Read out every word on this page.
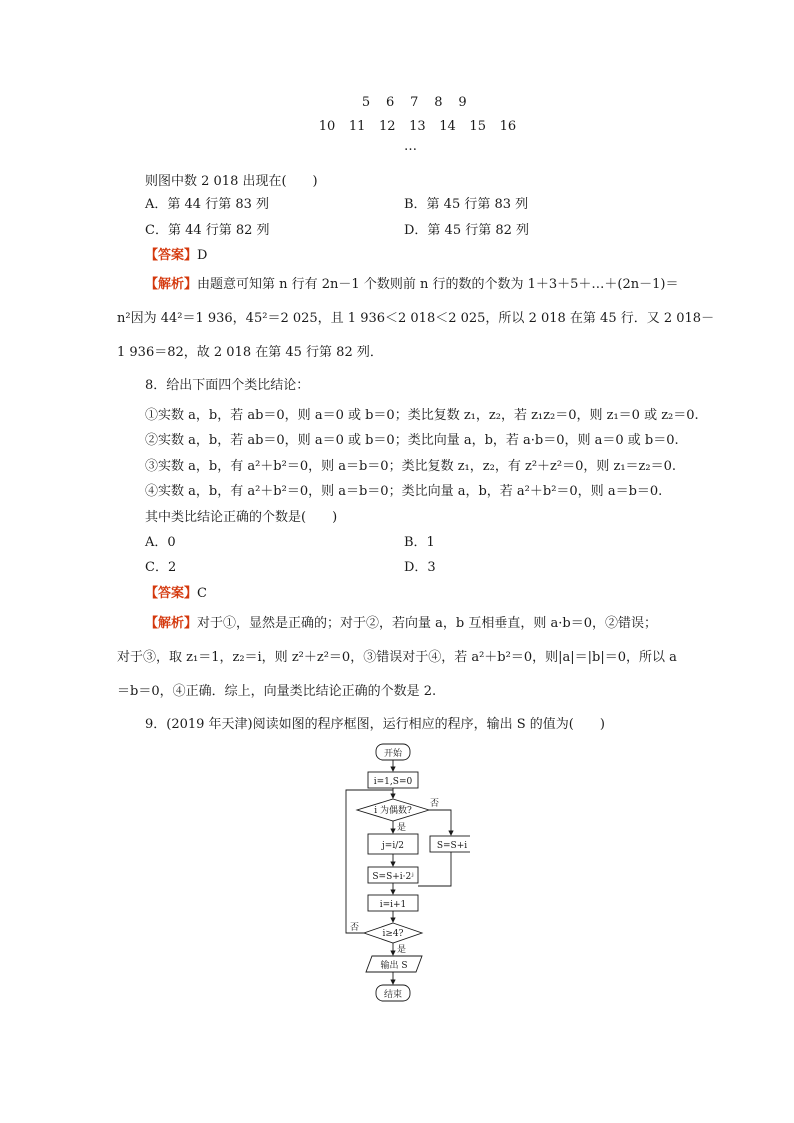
5 6 7 8 9
10 11 12 13 14 15 16
…
则图中数 2 018 出现在(　　)
A．第 44 行第 83 列	B．第 45 行第 83 列
C．第 44 行第 82 列	D．第 45 行第 82 列
【答案】D
【解析】由题意可知第 n 行有 2n－1 个数则前 n 行的数的个数为 1＋3＋5＋…＋(2n－1)＝
n²因为 44²＝1 936，45²＝2 025，且 1 936＜2 018＜2 025，所以 2 018 在第 45 行．又 2 018－
1 936＝82，故 2 018 在第 45 行第 82 列．
8．给出下面四个类比结论：
①实数 a，b，若 ab＝0，则 a＝0 或 b＝0；类比复数 z₁，z₂，若 z₁z₂＝0，则 z₁＝0 或 z₂＝0.
②实数 a，b，若 ab＝0，则 a＝0 或 b＝0；类比向量 a，b，若 a·b＝0，则 a＝0 或 b＝0.
③实数 a，b，有 a²＋b²＝0，则 a＝b＝0；类比复数 z₁，z₂，有 z²＋z²＝0，则 z₁＝z₂＝0.
④实数 a，b，有 a²＋b²＝0，则 a＝b＝0；类比向量 a，b，若 a²＋b²＝0，则 a＝b＝0.
其中类比结论正确的个数是(　　)
A．0	B．1
C．2	D．3
【答案】C
【解析】对于①，显然是正确的；对于②，若向量 a，b 互相垂直，则 a·b＝0，②错误；
对于③，取 z₁＝1，z₂＝i，则 z²＋z²＝0，③错误对于④，若 a²＋b²＝0，则|a|＝|b|＝0，所以 a
＝b＝0，④正确．综上，向量类比结论正确的个数是 2.
9．(2019 年天津)阅读如图的程序框图，运行相应的程序，输出 S 的值为(　　)
开始
i=1,S=0
i 为偶数?
否
是
j=i/2	S=S+i
S=S+i·2ʲ
i=i+1
i≥4?
否
是
输出 S
结束
